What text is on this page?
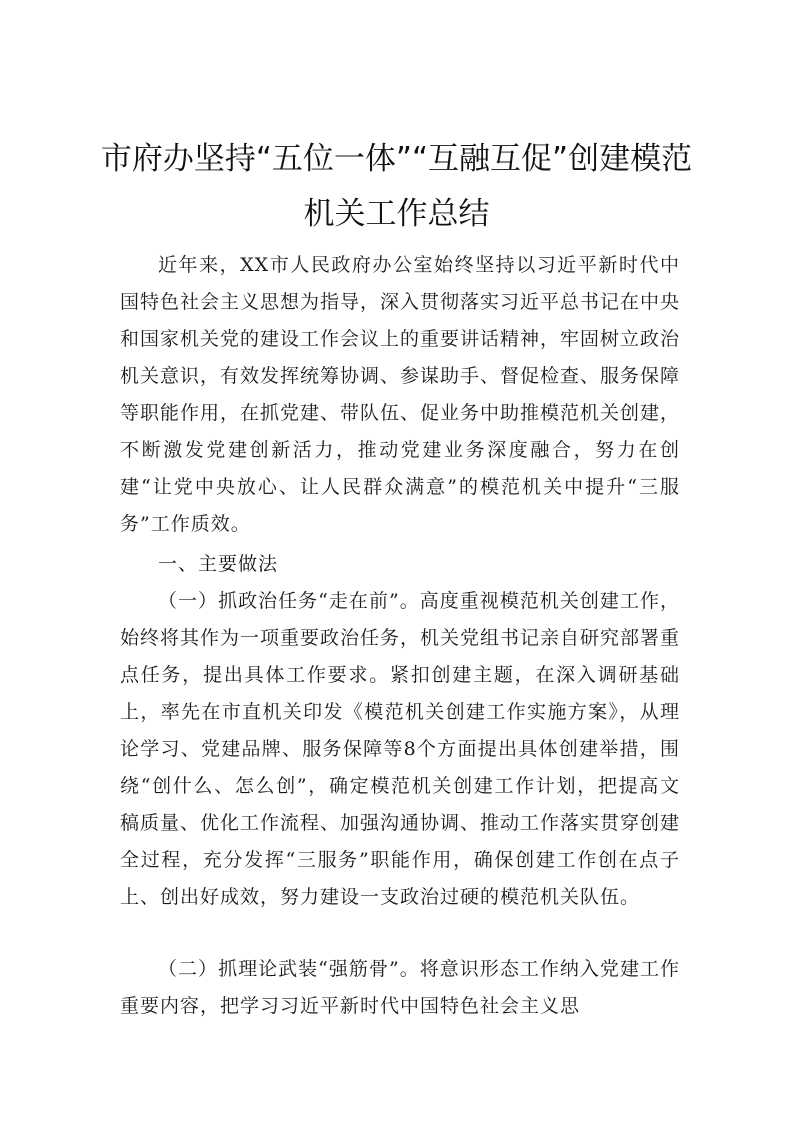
市府办坚持“五位一体”“互融互促”创建模范
机关工作总结

近年来，XX市人民政府办公室始终坚持以习近平新时代中国特色社会主义思想为指导，深入贯彻落实习近平总书记在中央和国家机关党的建设工作会议上的重要讲话精神，牢固树立政治机关意识，有效发挥统筹协调、参谋助手、督促检查、服务保障等职能作用，在抓党建、带队伍、促业务中助推模范机关创建，不断激发党建创新活力，推动党建业务深度融合，努力在创建“让党中央放心、让人民群众满意”的模范机关中提升“三服务”工作质效。

一、主要做法

（一）抓政治任务“走在前”。高度重视模范机关创建工作，始终将其作为一项重要政治任务，机关党组书记亲自研究部署重点任务，提出具体工作要求。紧扣创建主题，在深入调研基础上，率先在市直机关印发《模范机关创建工作实施方案》，从理论学习、党建品牌、服务保障等8个方面提出具体创建举措，围绕“创什么、怎么创”，确定模范机关创建工作计划，把提高文稿质量、优化工作流程、加强沟通协调、推动工作落实贯穿创建全过程，充分发挥“三服务”职能作用，确保创建工作创在点子上、创出好成效，努力建设一支政治过硬的模范机关队伍。

（二）抓理论武装“强筋骨”。将意识形态工作纳入党建工作重要内容，把学习习近平新时代中国特色社会主义思
